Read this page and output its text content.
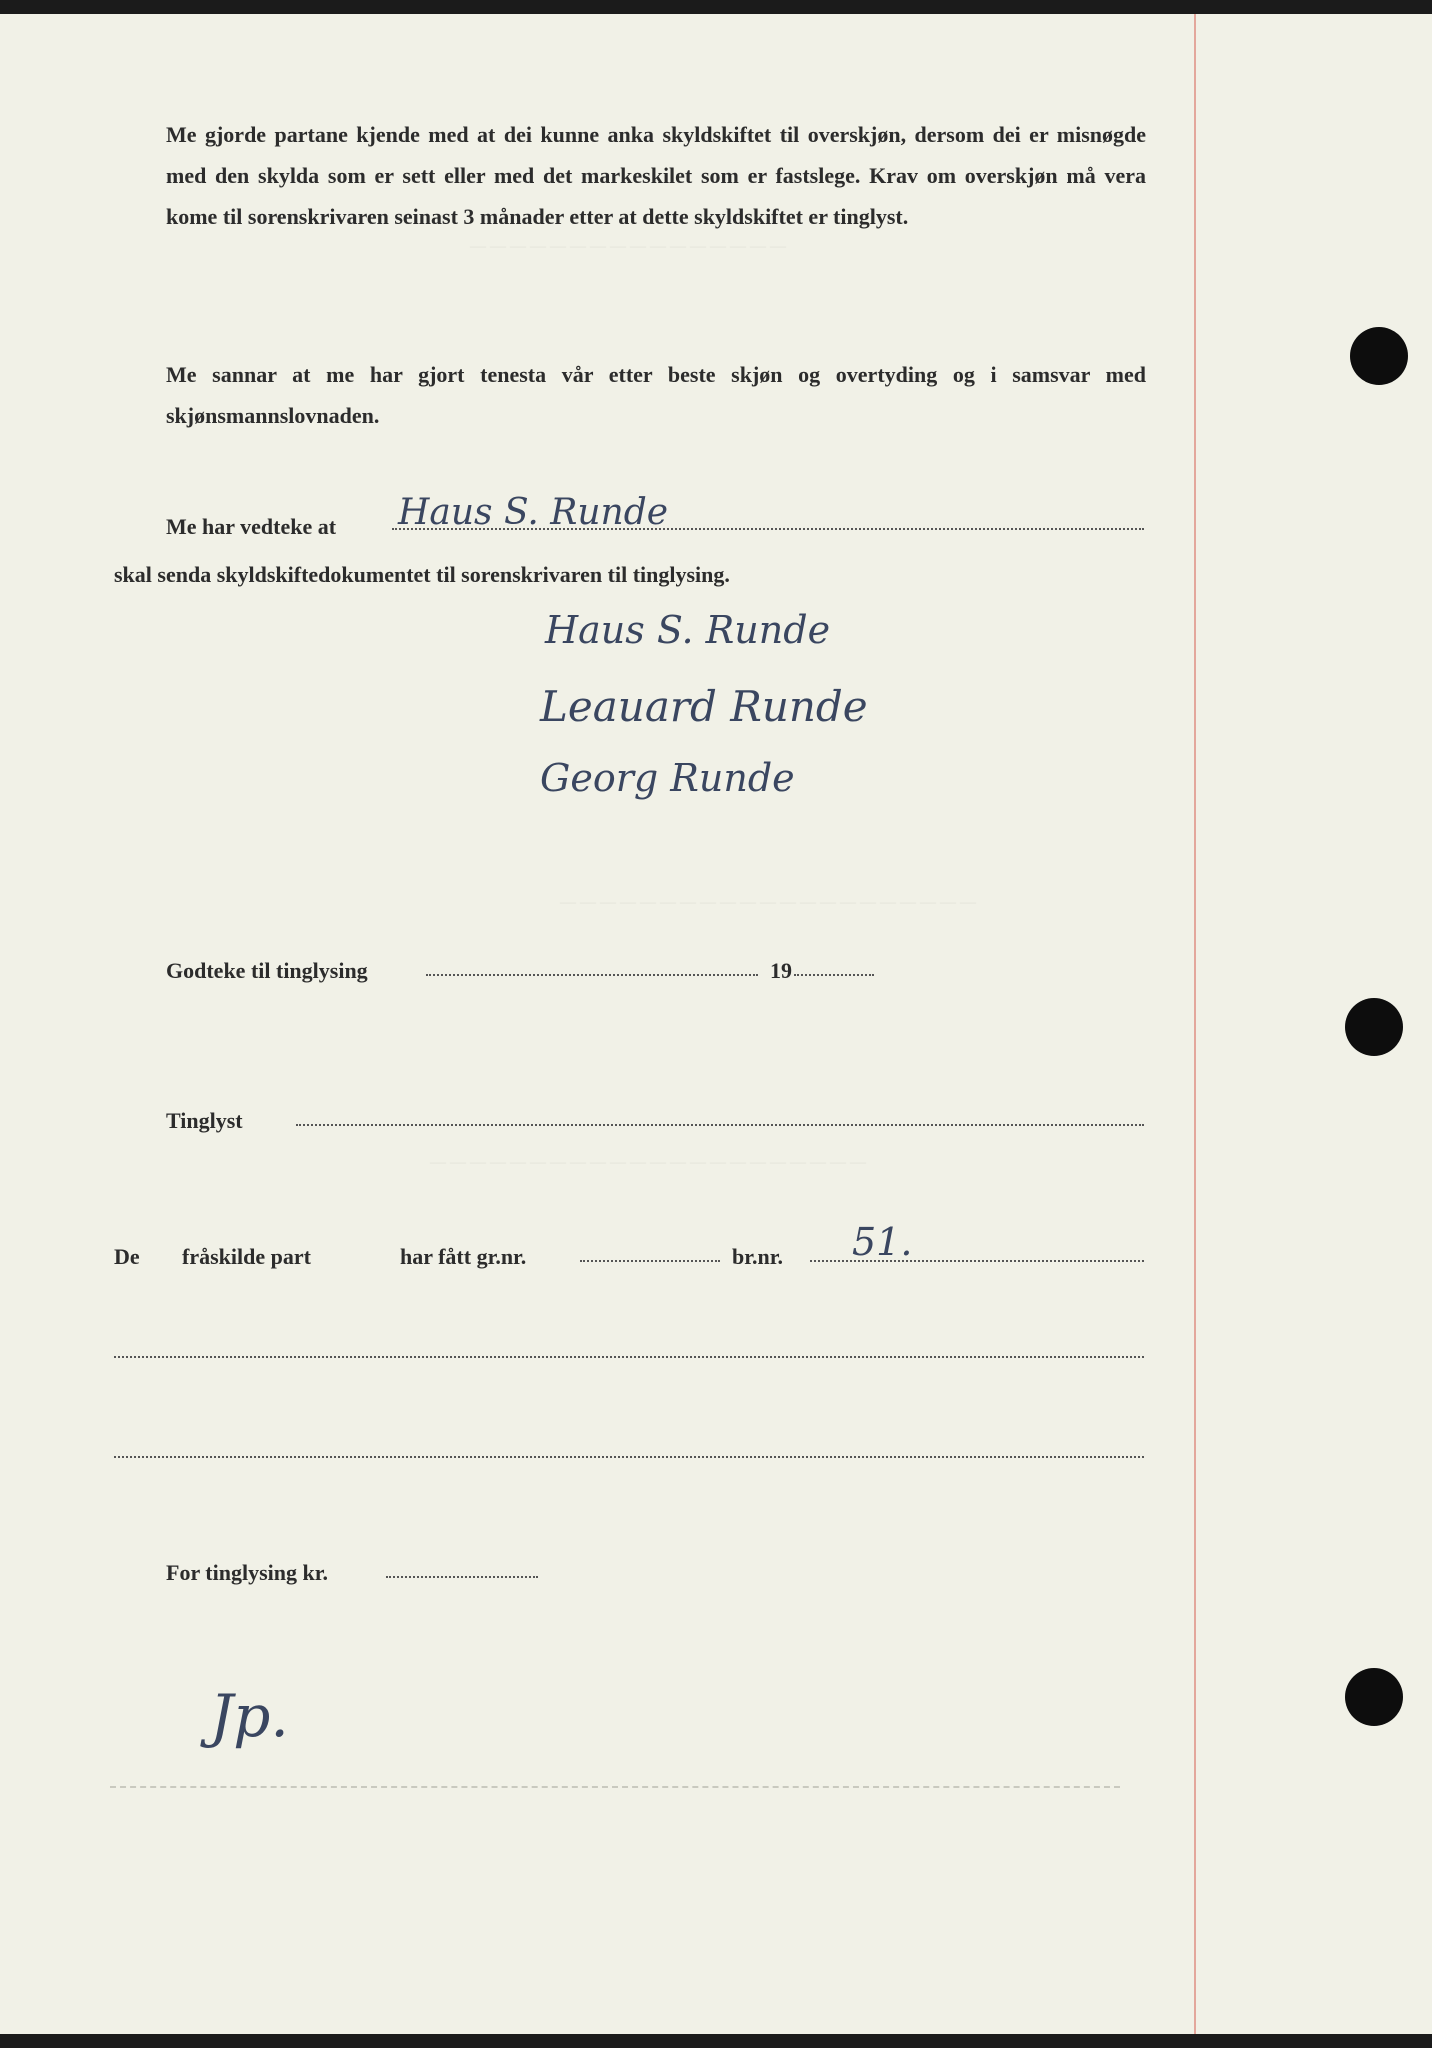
— — — — — — — — — — — — — — — —
— — — — — — — — — — — — — — — — — — — — —
— — — — — — — — — — — — — — — — — — — — — —
Me gjorde partane kjende med at dei kunne anka skyldskiftet til overskjøn, dersom dei er misnøgde med den skylda som er sett eller med det markeskilet som er fastslege. Krav om overskjøn må vera kome til sorenskrivaren seinast 3 månader etter at dette skyldskiftet er tinglyst.
Me sannar at me har gjort tenesta vår etter beste skjøn og overtyding og i samsvar med skjønsmannslovnaden.
Me har vedteke at Haus S. Runde
skal senda skyldskiftedokumentet til sorenskrivaren til tinglysing.
Haus S. Runde
Leauard Runde
Georg Runde
Godteke til tinglysing	19
Tinglyst
De fråskilde part	har fått gr.nr.	br.nr. 51.
For tinglysing kr.
Jp.
